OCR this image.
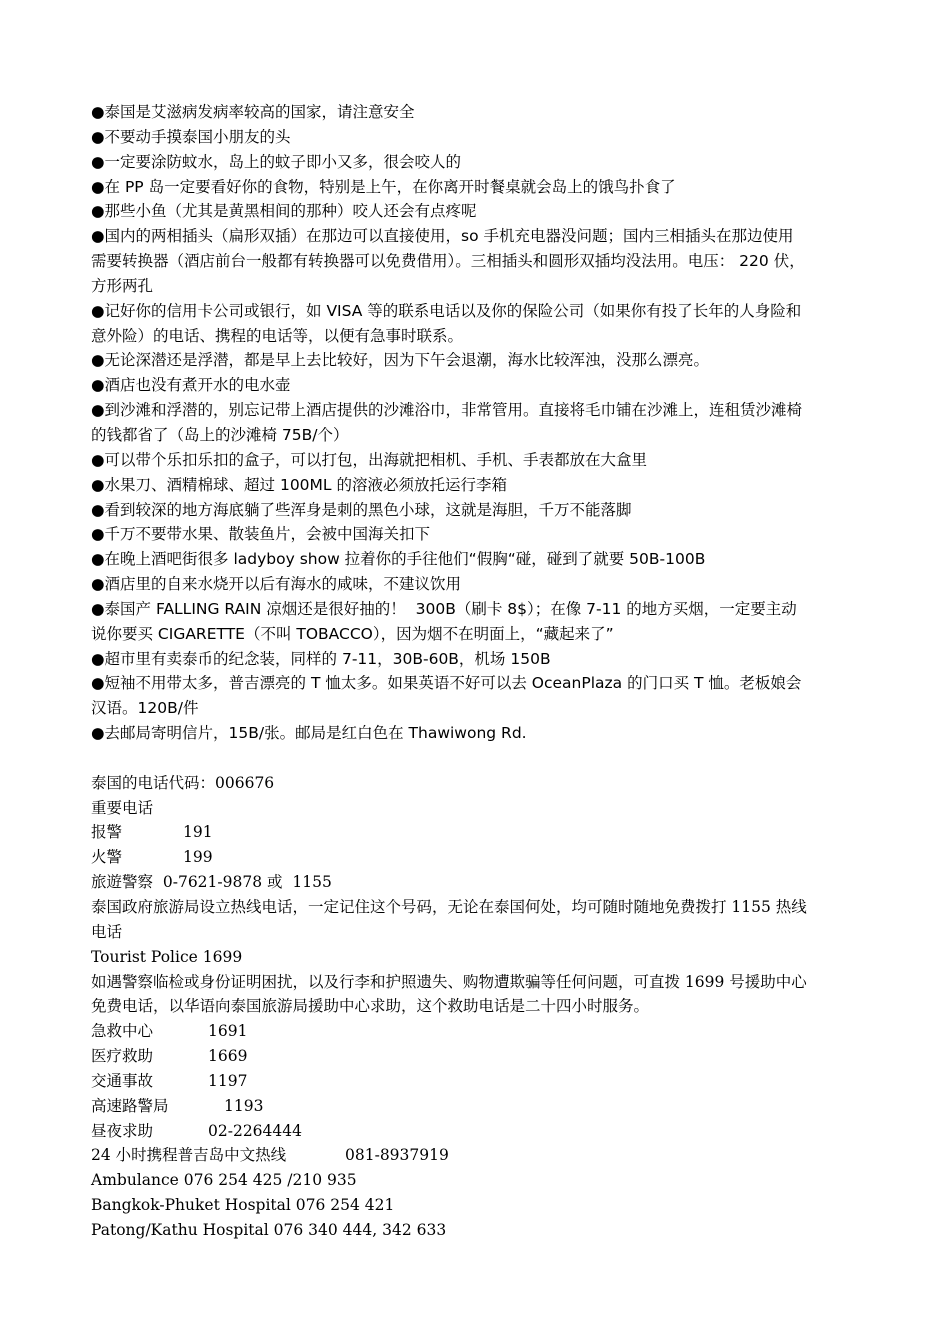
●泰国是艾滋病发病率较高的国家，请注意安全
●不要动手摸泰国小朋友的头
●一定要涂防蚊水，岛上的蚊子即小又多，很会咬人的
●在 PP 岛一定要看好你的食物，特别是上午，在你离开时餐桌就会岛上的饿鸟扑食了
●那些小鱼（尤其是黄黑相间的那种）咬人还会有点疼呢
●国内的两相插头（扁形双插）在那边可以直接使用，so 手机充电器没问题；国内三相插头在那边使用
需要转换器（酒店前台一般都有转换器可以免费借用）。三相插头和圆形双插均没法用。电压： 220 伏，
方形两孔
●记好你的信用卡公司或银行，如 VISA 等的联系电话以及你的保险公司（如果你有投了长年的人身险和
意外险）的电话、携程的电话等，以便有急事时联系。
●无论深潜还是浮潜，都是早上去比较好，因为下午会退潮，海水比较浑浊，没那么漂亮。
●酒店也没有煮开水的电水壶
●到沙滩和浮潜的，别忘记带上酒店提供的沙滩浴巾，非常管用。直接将毛巾铺在沙滩上，连租赁沙滩椅
的钱都省了（岛上的沙滩椅 75B/个）
●可以带个乐扣乐扣的盒子，可以打包，出海就把相机、手机、手表都放在大盒里
●水果刀、酒精棉球、超过 100ML 的溶液必须放托运行李箱
●看到较深的地方海底躺了些浑身是刺的黑色小球，这就是海胆，千万不能落脚
●千万不要带水果、散装鱼片，会被中国海关扣下
●在晚上酒吧街很多 ladyboy show 拉着你的手往他们“假胸“碰，碰到了就要 50B-100B
●酒店里的自来水烧开以后有海水的咸味，不建议饮用
●泰国产 FALLING RAIN 凉烟还是很好抽的！  300B（刷卡 8$）；在像 7-11 的地方买烟，一定要主动
说你要买 CIGARETTE（不叫 TOBACCO），因为烟不在明面上，“藏起来了”
●超市里有卖泰币的纪念装，同样的 7-11，30B-60B，机场 150B
●短袖不用带太多，普吉漂亮的 T 恤太多。如果英语不好可以去 OceanPlaza 的门口买 T 恤。老板娘会
汉语。120B/件
●去邮局寄明信片，15B/张。邮局是红白色在 Thawiwong Rd.
泰国的电话代码：006676
重要电话
报警	191
火警	199
旅遊警察  0-7621-9878 或  1155
泰国政府旅游局设立热线电话，一定记住这个号码，无论在泰国何处，均可随时随地免费拨打 1155 热线
电话
Tourist Police 1699
如遇警察临检或身份证明困扰，以及行李和护照遗失、购物遭欺骗等任何问题，可直拨 1699 号援助中心
免费电话，以华语向泰国旅游局援助中心求助，这个救助电话是二十四小时服务。
急救中心	1691
医疗救助	1669
交通事故	1197
高速路警局	1193
昼夜求助	02-2264444
24 小时携程普吉岛中文热线	081-8937919
Ambulance 076 254 425 /210 935
Bangkok-Phuket Hospital 076 254 421
Patong/Kathu Hospital 076 340 444, 342 633
